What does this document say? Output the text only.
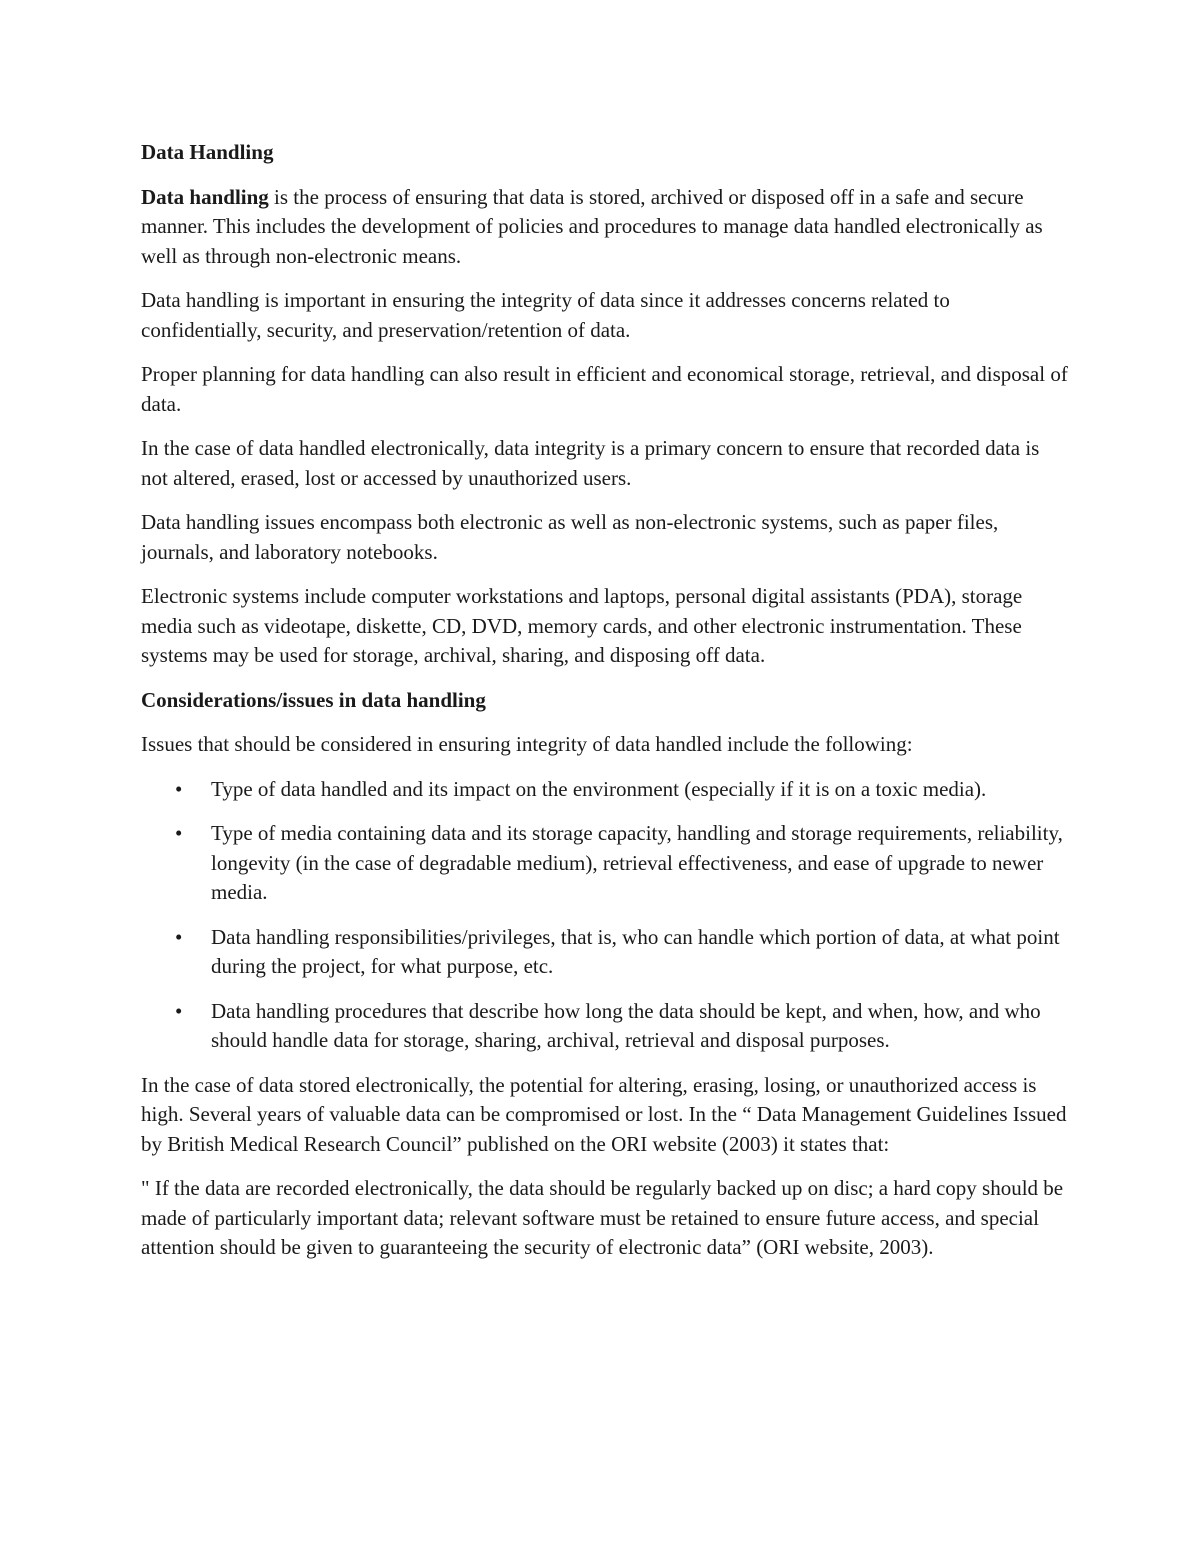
Data Handling

Data handling is the process of ensuring that data is stored, archived or disposed off in a safe and secure manner. This includes the development of policies and procedures to manage data handled electronically as well as through non-electronic means.

Data handling is important in ensuring the integrity of data since it addresses concerns related to confidentially, security, and preservation/retention of data.

Proper planning for data handling can also result in efficient and economical storage, retrieval, and disposal of data.

In the case of data handled electronically, data integrity is a primary concern to ensure that recorded data is not altered, erased, lost or accessed by unauthorized users.

Data handling issues encompass both electronic as well as non-electronic systems, such as paper files, journals, and laboratory notebooks.

Electronic systems include computer workstations and laptops, personal digital assistants (PDA), storage media such as videotape, diskette, CD, DVD, memory cards, and other electronic instrumentation. These systems may be used for storage, archival, sharing, and disposing off data.

Considerations/issues in data handling

Issues that should be considered in ensuring integrity of data handled include the following:

• Type of data handled and its impact on the environment (especially if it is on a toxic media).
• Type of media containing data and its storage capacity, handling and storage requirements, reliability, longevity (in the case of degradable medium), retrieval effectiveness, and ease of upgrade to newer media.
• Data handling responsibilities/privileges, that is, who can handle which portion of data, at what point during the project, for what purpose, etc.
• Data handling procedures that describe how long the data should be kept, and when, how, and who should handle data for storage, sharing, archival, retrieval and disposal purposes.

In the case of data stored electronically, the potential for altering, erasing, losing, or unauthorized access is high. Several years of valuable data can be compromised or lost. In the “ Data Management Guidelines Issued by British Medical Research Council” published on the ORI website (2003) it states that:

" If the data are recorded electronically, the data should be regularly backed up on disc; a hard copy should be made of particularly important data; relevant software must be retained to ensure future access, and special attention should be given to guaranteeing the security of electronic data” (ORI website, 2003).
